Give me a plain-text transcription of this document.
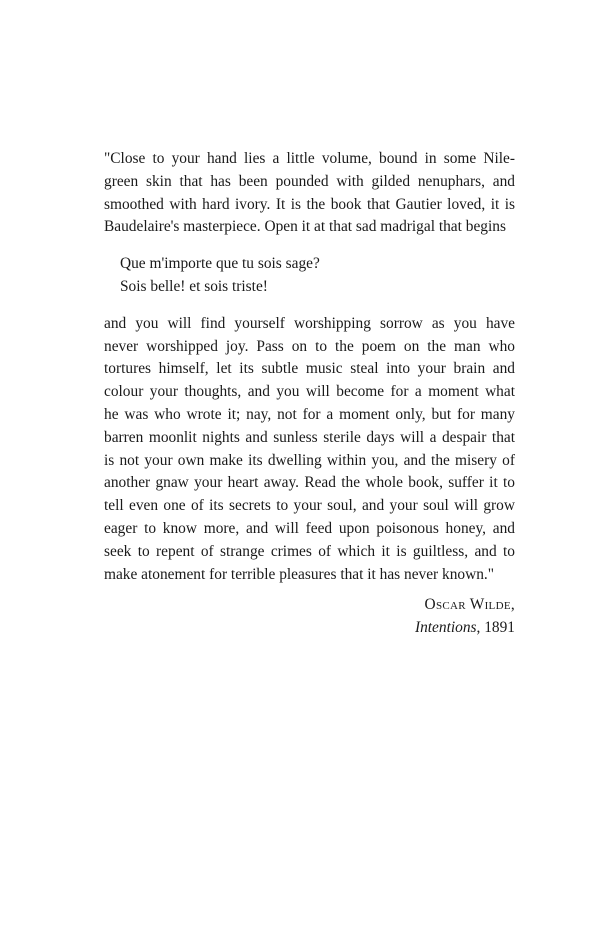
"Close to your hand lies a little volume, bound in some Nile-
green skin that has been pounded with gilded nenuphars, and
smoothed with hard ivory. It is the book that Gautier loved, it is
Baudelaire's masterpiece. Open it at that sad madrigal that begins

Que m'importe que tu sois sage?
Sois belle! et sois triste!

and you will find yourself worshipping sorrow as you have
never worshipped joy. Pass on to the poem on the man who
tortures himself, let its subtle music steal into your brain and
colour your thoughts, and you will become for a moment what
he was who wrote it; nay, not for a moment only, but for many
barren moonlit nights and sunless sterile days will a despair that
is not your own make its dwelling within you, and the misery of
another gnaw your heart away. Read the whole book, suffer it to
tell even one of its secrets to your soul, and your soul will grow
eager to know more, and will feed upon poisonous honey, and
seek to repent of strange crimes of which it is guiltless, and to
make atonement for terrible pleasures that it has never known."

Oscar Wilde,
Intentions, 1891
